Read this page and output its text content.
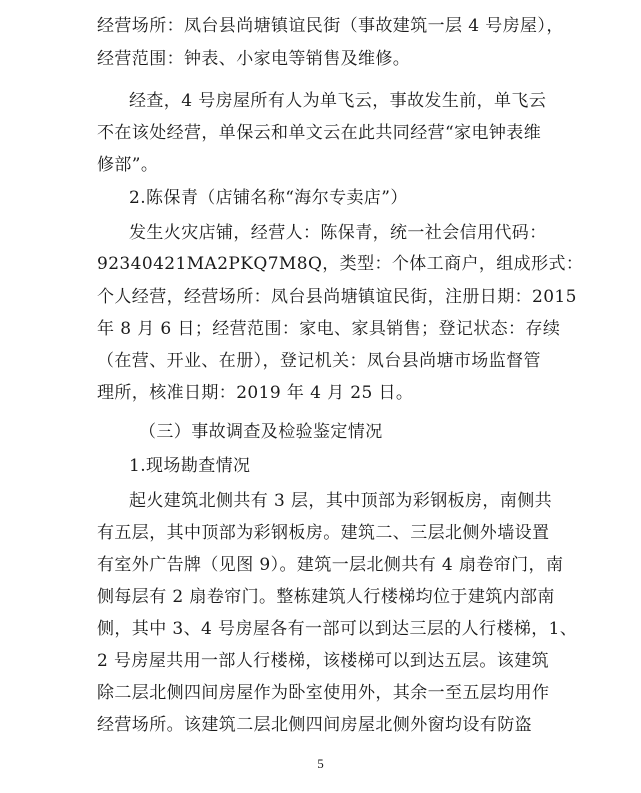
经营场所：凤台县尚塘镇谊民街（事故建筑一层 4 号房屋），
经营范围：钟表、小家电等销售及维修。
经查，4 号房屋所有人为单飞云，事故发生前，单飞云
不在该处经营，单保云和单文云在此共同经营“家电钟表维
修部”。
2.陈保青（店铺名称“海尔专卖店”）
发生火灾店铺，经营人：陈保青，统一社会信用代码：
92340421MA2PKQ7M8Q，类型：个体工商户，组成形式：
个人经营，经营场所：凤台县尚塘镇谊民街，注册日期：2015
年 8 月 6 日；经营范围：家电、家具销售；登记状态：存续
（在营、开业、在册），登记机关：凤台县尚塘市场监督管
理所，核准日期：2019 年 4 月 25 日。
（三）事故调查及检验鉴定情况
1.现场勘查情况
起火建筑北侧共有 3 层，其中顶部为彩钢板房，南侧共
有五层，其中顶部为彩钢板房。建筑二、三层北侧外墙设置
有室外广告牌（见图 9）。建筑一层北侧共有 4 扇卷帘门，南
侧每层有 2 扇卷帘门。整栋建筑人行楼梯均位于建筑内部南
侧，其中 3、4 号房屋各有一部可以到达三层的人行楼梯，1、
2 号房屋共用一部人行楼梯，该楼梯可以到达五层。该建筑
除二层北侧四间房屋作为卧室使用外，其余一至五层均用作
经营场所。该建筑二层北侧四间房屋北侧外窗均设有防盗
5
